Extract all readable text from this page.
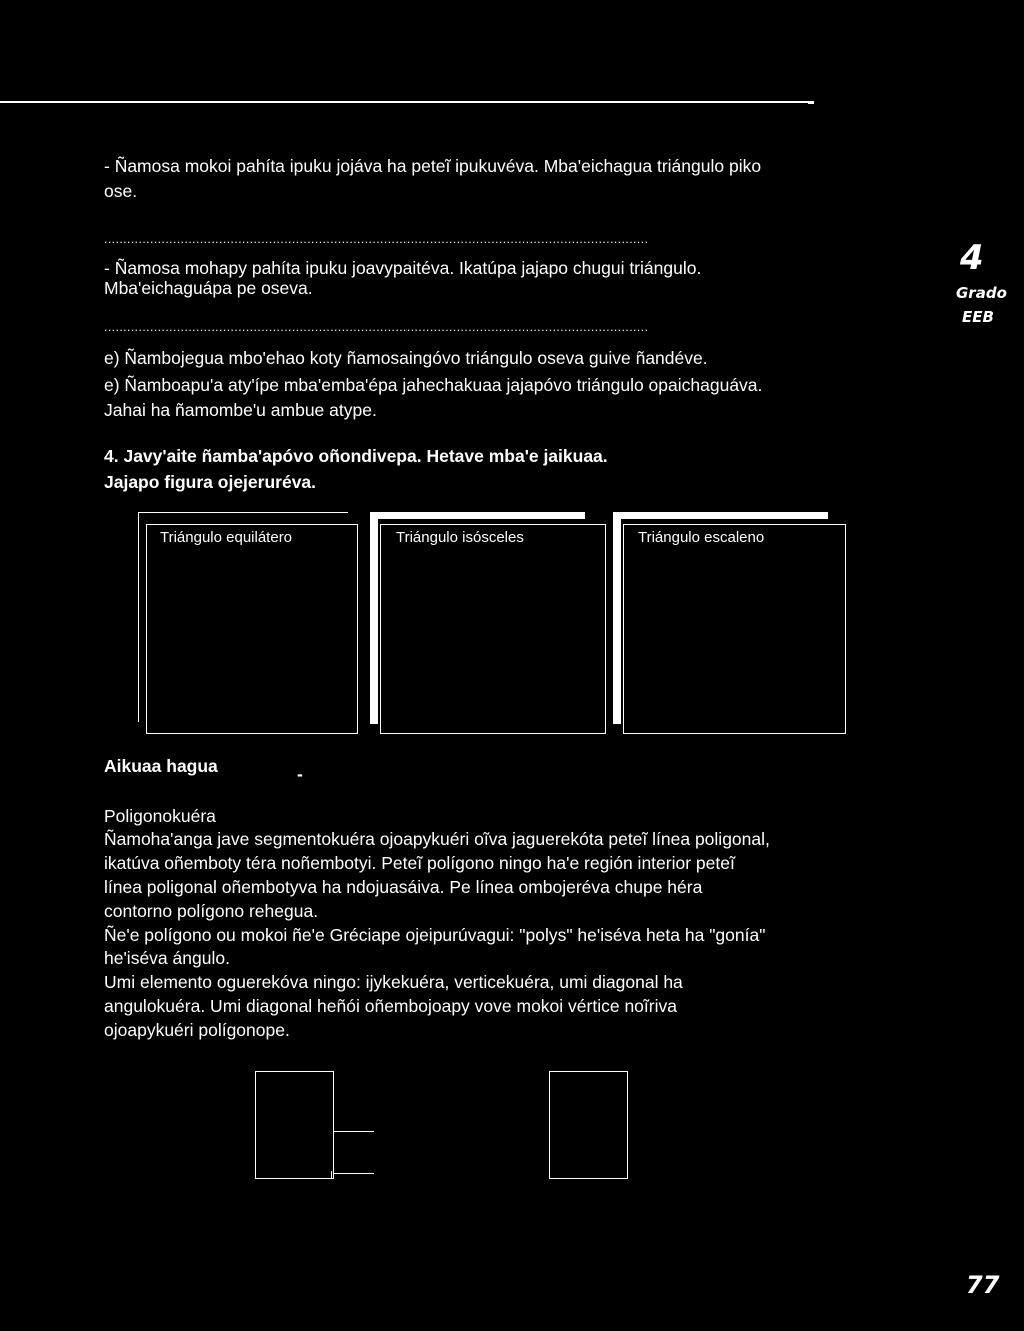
- Ñamosa mokoi pahíta ipuku jojáva ha peteĩ ipukuvéva. Mba'eichagua triángulo piko
ose.
..............................................................................................................................................
- Ñamosa mohapy pahíta ipuku joavypaitéva. Ikatúpa jajapo chugui triángulo.
Mba'eichaguápa pe oseva.
..............................................................................................................................................
e) Ñambojegua mbo'ehao koty ñamosaingóvo triángulo oseva guive ñandéve.
e) Ñamboapu'a aty'ípe mba'emba'épa jahechakuaa jajapóvo triángulo opaichaguáva.
Jahai ha ñamombe'u ambue atype.
4. Javy'aite ñamba'apóvo oñondivepa. Hetave mba'e jaikuaa.
Jajapo figura ojejeruréva.
4
Grado
EEB
Triángulo equilátero	Triángulo isósceles	Triángulo escaleno
Aikuaa hagua	-
Poligonokuéra
Ñamoha'anga jave segmentokuéra ojoapykuéri oĩva jaguerekóta peteĩ línea poligonal,
ikatúva oñemboty téra noñembotyi. Peteĩ polígono ningo ha'e región interior peteĩ
línea poligonal oñembotyva ha ndojuasáiva. Pe línea ombojeréva chupe héra
contorno polígono rehegua.
Ñe'e polígono ou mokoi ñe'e Gréciape ojeipurúvagui: "polys" he'iséva heta ha "gonía"
he'iséva ángulo.
Umi elemento oguerekóva ningo: ijykekuéra, verticekuéra, umi diagonal ha
angulokuéra. Umi diagonal heñói oñembojoapy vove mokoi vértice noĩriva
ojoapykuéri polígonope.
77
